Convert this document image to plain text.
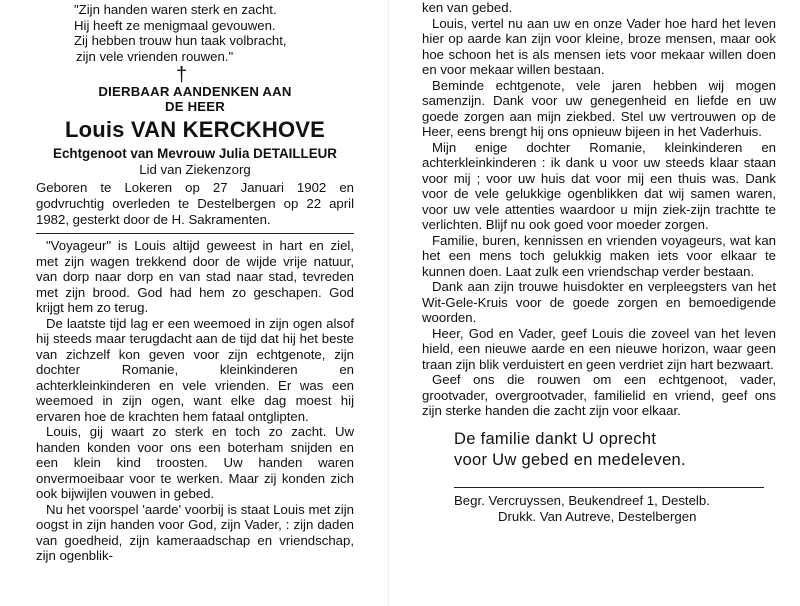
"Zijn handen waren sterk en zacht.
Hij heeft ze menigmaal gevouwen.
Zij hebben trouw hun taak volbracht,
zijn vele vrienden rouwen."
†
DIERBAAR AANDENKEN AAN
DE HEER
Louis VAN KERCKHOVE
Echtgenoot van Mevrouw Julia DETAILLEUR
Lid van Ziekenzorg
Geboren te Lokeren op 27 Januari 1902 en godvruchtig overleden te Destelbergen op 22 april 1982, gesterkt door de H. Sakramenten.

"Voyageur" is Louis altijd geweest in hart en ziel, met zijn wagen trekkend door de wijde vrije natuur, van dorp naar dorp en van stad naar stad, tevreden met zijn brood. God had hem zo geschapen. God krijgt hem zo terug.

De laatste tijd lag er een weemoed in zijn ogen alsof hij steeds maar terugdacht aan de tijd dat hij het beste van zichzelf kon geven voor zijn echtgenote, zijn dochter Romanie, kleinkinderen en achterkleinkinderen en vele vrienden. Er was een weemoed in zijn ogen, want elke dag moest hij ervaren hoe de krachten hem fataal ontglipten.

Louis, gij waart zo sterk en toch zo zacht. Uw handen konden voor ons een boterham snijden en een klein kind troosten. Uw handen waren onvermoeibaar voor te werken. Maar zij konden zich ook bijwijlen vouwen in gebed.

Nu het voorspel 'aarde' voorbij is staat Louis met zijn oogst in zijn handen voor God, zijn Vader, : zijn daden van goedheid, zijn kameraadschap en vriendschap, zijn ogenblik-

ken van gebed.

Louis, vertel nu aan uw en onze Vader hoe hard het leven hier op aarde kan zijn voor kleine, broze mensen, maar ook hoe schoon het is als mensen iets voor mekaar willen doen en voor mekaar willen bestaan.

Beminde echtgenote, vele jaren hebben wij mogen samenzijn. Dank voor uw genegenheid en liefde en uw goede zorgen aan mijn ziekbed. Stel uw vertrouwen op de Heer, eens brengt hij ons opnieuw bijeen in het Vaderhuis.

Mijn enige dochter Romanie, kleinkinderen en achterkleinkinderen : ik dank u voor uw steeds klaar staan voor mij ; voor uw huis dat voor mij een thuis was. Dank voor de vele gelukkige ogenblikken dat wij samen waren, voor uw vele attenties waardoor u mijn ziek-zijn trachtte te verlichten. Blijf nu ook goed voor moeder zorgen.

Familie, buren, kennissen en vrienden voyageurs, wat kan het een mens toch gelukkig maken iets voor elkaar te kunnen doen. Laat zulk een vriendschap verder bestaan.

Dank aan zijn trouwe huisdokter en verpleegsters van het Wit-Gele-Kruis voor de goede zorgen en bemoedigende woorden.

Heer, God en Vader, geef Louis die zoveel van het leven hield, een nieuwe aarde en een nieuwe horizon, waar geen traan zijn blik verduistert en geen verdriet zijn hart bezwaart.

Geef ons die rouwen om een echtgenoot, vader, grootvader, overgrootvader, familielid en vriend, geef ons zijn sterke handen die zacht zijn voor elkaar.

De familie dankt U oprecht
voor Uw gebed en medeleven.
Begr. Vercruyssen, Beukendreef 1, Destelb.
Drukk. Van Autreve, Destelbergen
